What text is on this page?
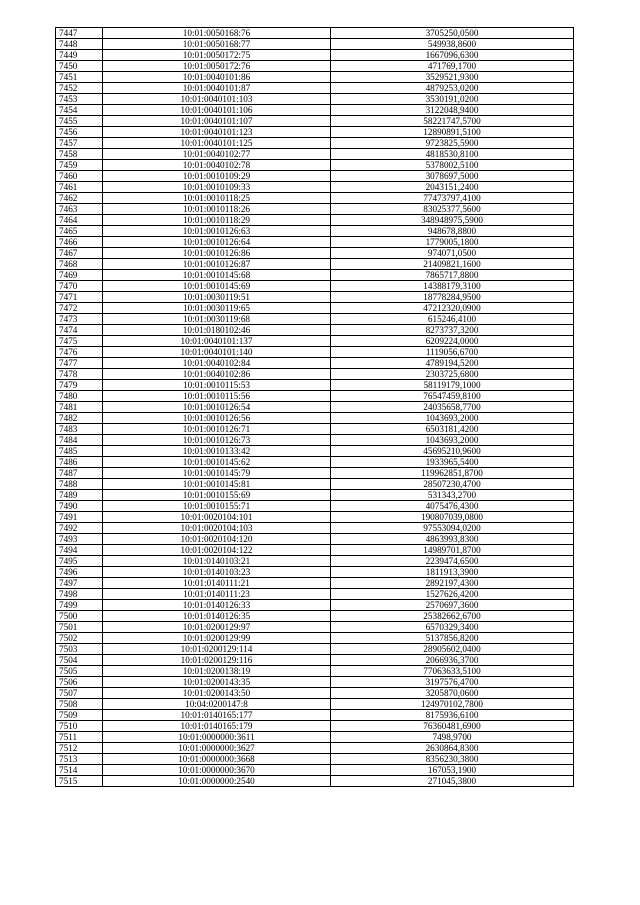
7447	10:01:0050168:76	3705250,0500
7448	10:01:0050168:77	549938,8600
7449	10:01:0050172:75	1667096,6300
7450	10:01:0050172:76	471769,1700
7451	10:01:0040101:86	3529521,9300
7452	10:01:0040101:87	4879253,0200
7453	10:01:0040101:103	3530191,0200
7454	10:01:0040101:106	3122048,9400
7455	10:01:0040101:107	58221747,5700
7456	10:01:0040101:123	12890891,5100
7457	10:01:0040101:125	9723825,5900
7458	10:01:0040102:77	4818530,8100
7459	10:01:0040102:78	5378002,5100
7460	10:01:0010109:29	3078697,5000
7461	10:01:0010109:33	2043151,2400
7462	10:01:0010118:25	77473797,4100
7463	10:01:0010118:26	83025377,5600
7464	10:01:0010118:29	348948975,5900
7465	10:01:0010126:63	948678,8800
7466	10:01:0010126:64	1779005,1800
7467	10:01:0010126:86	974071,0500
7468	10:01:0010126:87	21409821,1600
7469	10:01:0010145:68	7865717,8800
7470	10:01:0010145:69	14388179,3100
7471	10:01:0030119:51	18778284,9500
7472	10:01:0030119:65	47212320,0900
7473	10:01:0030119:68	615246,4100
7474	10:01:0180102:46	8273737,3200
7475	10:01:0040101:137	6209224,0000
7476	10:01:0040101:140	1119056,6700
7477	10:01:0040102:84	4789194,5200
7478	10:01:0040102:86	2303725,6800
7479	10:01:0010115:53	58119179,1000
7480	10:01:0010115:56	76547459,8100
7481	10:01:0010126:54	24035658,7700
7482	10:01:0010126:56	1043693,2000
7483	10:01:0010126:71	6503181,4200
7484	10:01:0010126:73	1043693,2000
7485	10:01:0010133:42	45695210,9600
7486	10:01:0010145:62	1933965,5400
7487	10:01:0010145:79	119962851,8700
7488	10:01:0010145:81	28507230,4700
7489	10:01:0010155:69	531343,2700
7490	10:01:0010155:71	4075476,4300
7491	10:01:0020104:101	190807039,0800
7492	10:01:0020104:103	97553094,0200
7493	10:01:0020104:120	4863993,8300
7494	10:01:0020104:122	14989701,8700
7495	10:01:0140103:21	2239474,6500
7496	10:01:0140103:23	1811913,3900
7497	10:01:0140111:21	2892197,4300
7498	10:01:0140111:23	1527626,4200
7499	10:01:0140126:33	2570697,3600
7500	10:01:0140126:35	25382662,6700
7501	10:01:0200129:97	6570329,3400
7502	10:01:0200129:99	5137856,8200
7503	10:01:0200129:114	28905602,0400
7504	10:01:0200129:116	2066936,3700
7505	10:01:0200138:19	77063633,5100
7506	10:01:0200143:35	3197576,4700
7507	10:01:0200143:50	3205870,0600
7508	10:04:0200147:8	124970102,7800
7509	10:01:0140165:177	8175936,6100
7510	10:01:0140165:179	76360481,6900
7511	10:01:0000000:3611	7498,9700
7512	10:01:0000000:3627	2630864,8300
7513	10:01:0000000:3668	8356230,3800
7514	10:01:0000000:3670	167053,1900
7515	10:01:0000000:2540	271045,3800
